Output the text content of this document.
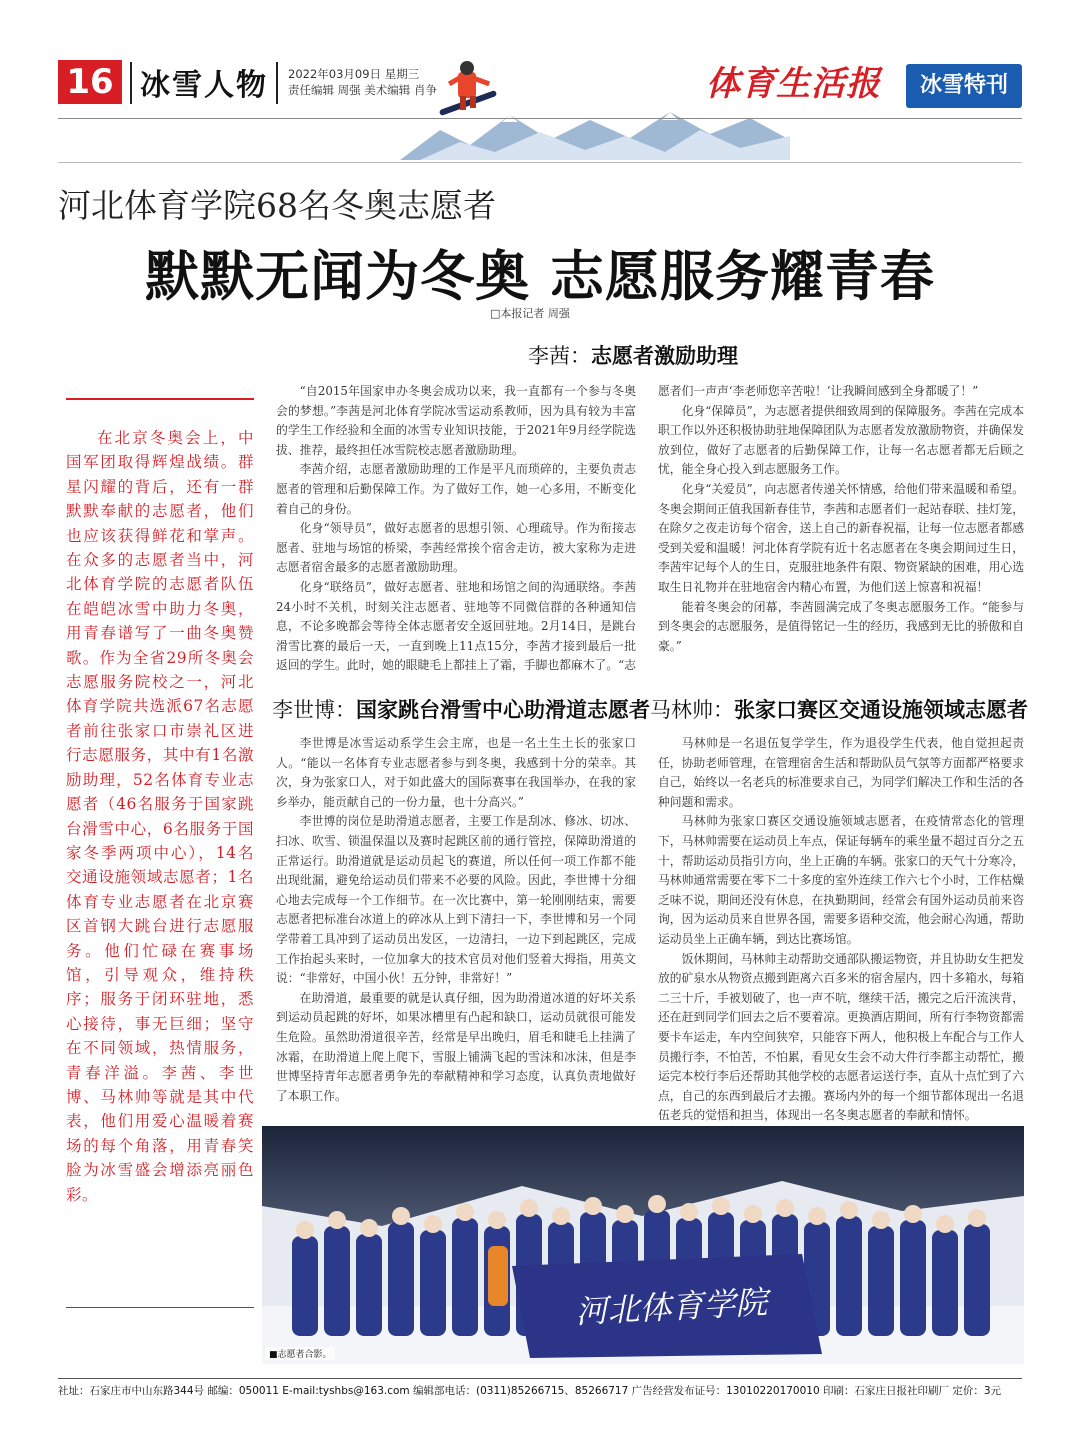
16 冰雪人物 2022年03月09日 星期三
责任编辑 周强 美术编辑 肖争	体育生活报	冰雪特刊
河北体育学院68名冬奥志愿者
默默无闻为冬奥 志愿服务耀青春
□本报记者 周强

在北京冬奥会上，中国军团取得辉煌战绩。群星闪耀的背后，还有一群默默奉献的志愿者，他们也应该获得鲜花和掌声。在众多的志愿者当中，河北体育学院的志愿者队伍在皑皑冰雪中助力冬奥，用青春谱写了一曲冬奥赞歌。作为全省29所冬奥会志愿服务院校之一，河北体育学院共选派67名志愿者前往张家口市崇礼区进行志愿服务，其中有1名激励助理，52名体育专业志愿者（46名服务于国家跳台滑雪中心，6名服务于国家冬季两项中心），14名交通设施领域志愿者；1名体育专业志愿者在北京赛区首钢大跳台进行志愿服务。他们忙碌在赛事场馆，引导观众，维持秩序；服务于闭环驻地，悉心接待，事无巨细；坚守在不同领域，热情服务，青春洋溢。李茜、李世博、马林帅等就是其中代表，他们用爱心温暖着赛场的每个角落，用青春笑脸为冰雪盛会增添亮丽色彩。

李茜：志愿者激励助理

“自2015年国家申办冬奥会成功以来，我一直都有一个参与冬奥会的梦想。”李茜是河北体育学院冰雪运动系教师，因为具有较为丰富的学生工作经验和全面的冰雪专业知识技能，于2021年9月经学院选拔、推荐，最终担任冰雪院校志愿者激励助理。

李茜介绍，志愿者激励助理的工作是平凡而琐碎的，主要负责志愿者的管理和后勤保障工作。为了做好工作，她一心多用，不断变化着自己的身份。

化身“领导员”，做好志愿者的思想引领、心理疏导。作为衔接志愿者、驻地与场馆的桥梁，李茜经常挨个宿舍走访，被大家称为走进志愿者宿舍最多的志愿者激励助理。

化身“联络员”，做好志愿者、驻地和场馆之间的沟通联络。李茜24小时不关机，时刻关注志愿者、驻地等不同微信群的各种通知信息，不论多晚都会等待全体志愿者安全返回驻地。2月14日，是跳台滑雪比赛的最后一天，一直到晚上11点15分，李茜才接到最后一批返回的学生。此时，她的眼睫毛上都挂上了霜，手脚也都麻木了。“志

愿者们一声声‘李老师您辛苦啦！’让我瞬间感到全身都暖了！”

化身“保障员”，为志愿者提供细致周到的保障服务。李茜在完成本职工作以外还积极协助驻地保障团队为志愿者发放激励物资，并确保发放到位，做好了志愿者的后勤保障工作，让每一名志愿者都无后顾之忧，能全身心投入到志愿服务工作。

化身“关爱员”，向志愿者传递关怀情感，给他们带来温暖和希望。冬奥会期间正值我国新春佳节，李茜和志愿者们一起站春联、挂灯笼，在除夕之夜走访每个宿舍，送上自己的新春祝福，让每一位志愿者都感受到关爱和温暖！河北体育学院有近十名志愿者在冬奥会期间过生日，李茜牢记每个人的生日，克服驻地条件有限、物资紧缺的困难，用心选取生日礼物并在驻地宿舍内精心布置，为他们送上惊喜和祝福！

能着冬奥会的闭幕，李茜圆满完成了冬奥志愿服务工作。“能参与到冬奥会的志愿服务，是值得铭记一生的经历，我感到无比的骄傲和自豪。”

李世博：国家跳台滑雪中心助滑道志愿者

李世博是冰雪运动系学生会主席，也是一名土生土长的张家口人。“能以一名体育专业志愿者参与到冬奥，我感到十分的荣幸。其次，身为张家口人，对于如此盛大的国际赛事在我国举办，在我的家乡举办，能贡献自己的一份力量，也十分高兴。”

李世博的岗位是助滑道志愿者，主要工作是刮冰、修冰、切冰、扫冰、吹雪、锁温保温以及赛时起跳区前的通行管控，保障助滑道的正常运行。助滑道就是运动员起飞的赛道，所以任何一项工作都不能出现纰漏，避免给运动员们带来不必要的风险。因此，李世博十分细心地去完成每一个工作细节。在一次比赛中，第一轮刚刚结束，需要志愿者把标准台冰道上的碎冰从上到下清扫一下，李世博和另一个同学带着工具冲到了运动员出发区，一边清扫，一边下到起跳区，完成工作抬起头来时，一位加拿大的技术官员对他们竖着大拇指，用英文说：“非常好，中国小伙！五分钟，非常好！”

在助滑道，最重要的就是认真仔细，因为助滑道冰道的好坏关系到运动员起跳的好坏，如果冰槽里有凸起和缺口，运动员就很可能发生危险。虽然助滑道很辛苦，经常是早出晚归，眉毛和睫毛上挂满了冰霜，在助滑道上爬上爬下，雪服上铺满飞起的雪沫和冰沫，但是李世博坚持青年志愿者勇争先的奉献精神和学习态度，认真负责地做好了本职工作。

马林帅：张家口赛区交通设施领域志愿者

马林帅是一名退伍复学学生，作为退役学生代表，他自觉担起责任，协助老师管理，在管理宿舍生活和帮助队员气氛等方面都严格要求自己，始终以一名老兵的标准要求自己，为同学们解决工作和生活的各种问题和需求。

马林帅为张家口赛区交通设施领域志愿者，在疫情常态化的管理下，马林帅需要在运动员上车点，保证每辆车的乘坐量不超过百分之五十，帮助运动员指引方向，坐上正确的车辆。张家口的天气十分寒冷，马林帅通常需要在零下二十多度的室外连续工作六七个小时，工作枯燥乏味不说，期间还没有休息，在执勤期间，经常会有国外运动员前来咨询，因为运动员来自世界各国，需要多语种交流，他会耐心沟通，帮助运动员坐上正确车辆，到达比赛场馆。

饭休期间，马林帅主动帮助交通部队搬运物资，并且协助女生把发放的矿泉水从物资点搬到距离六百多米的宿舍屋内，四十多箱水，每箱二三十斤，手被划破了，也一声不吭，继续干活，搬完之后汗流浃背，还在赶到同学们回去之后不要着凉。更换酒店期间，所有行李物资都需要卡车运走，车内空间狭窄，只能容下两人，他积极上车配合与工作人员搬行李，不怕苦，不怕累，看见女生会不动大件行李都主动帮忙，搬运完本校行李后还帮助其他学校的志愿者运送行李，直从十点忙到了六点，自己的东西到最后才去搬。赛场内外的每一个细节都体现出一名退伍老兵的觉悟和担当，体现出一名冬奥志愿者的奉献和情怀。

河北体育学院
■志愿者合影。
社址：石家庄市中山东路344号 邮编：050011 E-mail:tyshbs@163.com 编辑部电话：(0311)85266715、85266717 广告经营发布证号：13010220170010 印刷：石家庄日报社印刷厂 定价：3元
